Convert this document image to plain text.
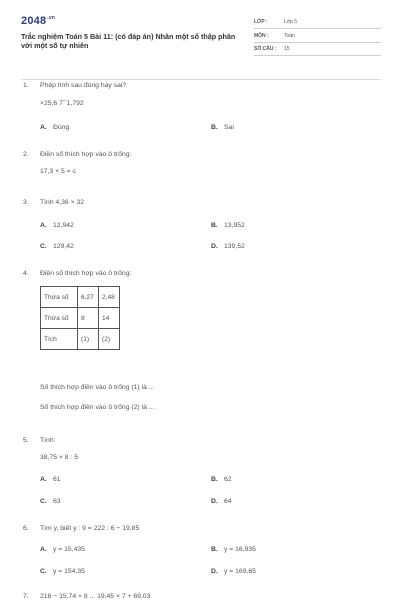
$2048^{.vn}$
Trắc nghiệm Toán 5 Bài 11: (có đáp án) Nhân một số thập phân với một số tự nhiên
LỚP :	Lớp 5
MÔN :	Toán
SỐ CÂU : 15
1. Phép tính sau đúng hay sai?
×25,6 7¯1,792
A. Đúng	B. Sai
2. Điền số thích hợp vào ô trống:
17,3 × 5 = c
3. Tính 4,36 × 32
A. 12,942	B. 13,952
C. 129,42	D. 139,52
4. Điền số thích hợp vào ô trống:
Số thích hợp điền vào ô trống (1) là ...
Số thích hợp điền vào ô trống (2) là ...
Thừa số	6,27	2,48
Thừa số	8	14
Tích	(1)	(2)
5. Tính:
38,75 × 8 : 5
A. 61	B. 62
C. 63	D. 64
6. Tìm y, biết y : 9 = 222 : 6 − 19,85
A. y = 15,435	B. y = 16,935
C. y = 154,35	D. y = 169,65
7. 216 − 15,74 × 8 ... 19,45 × 7 + 69,03
